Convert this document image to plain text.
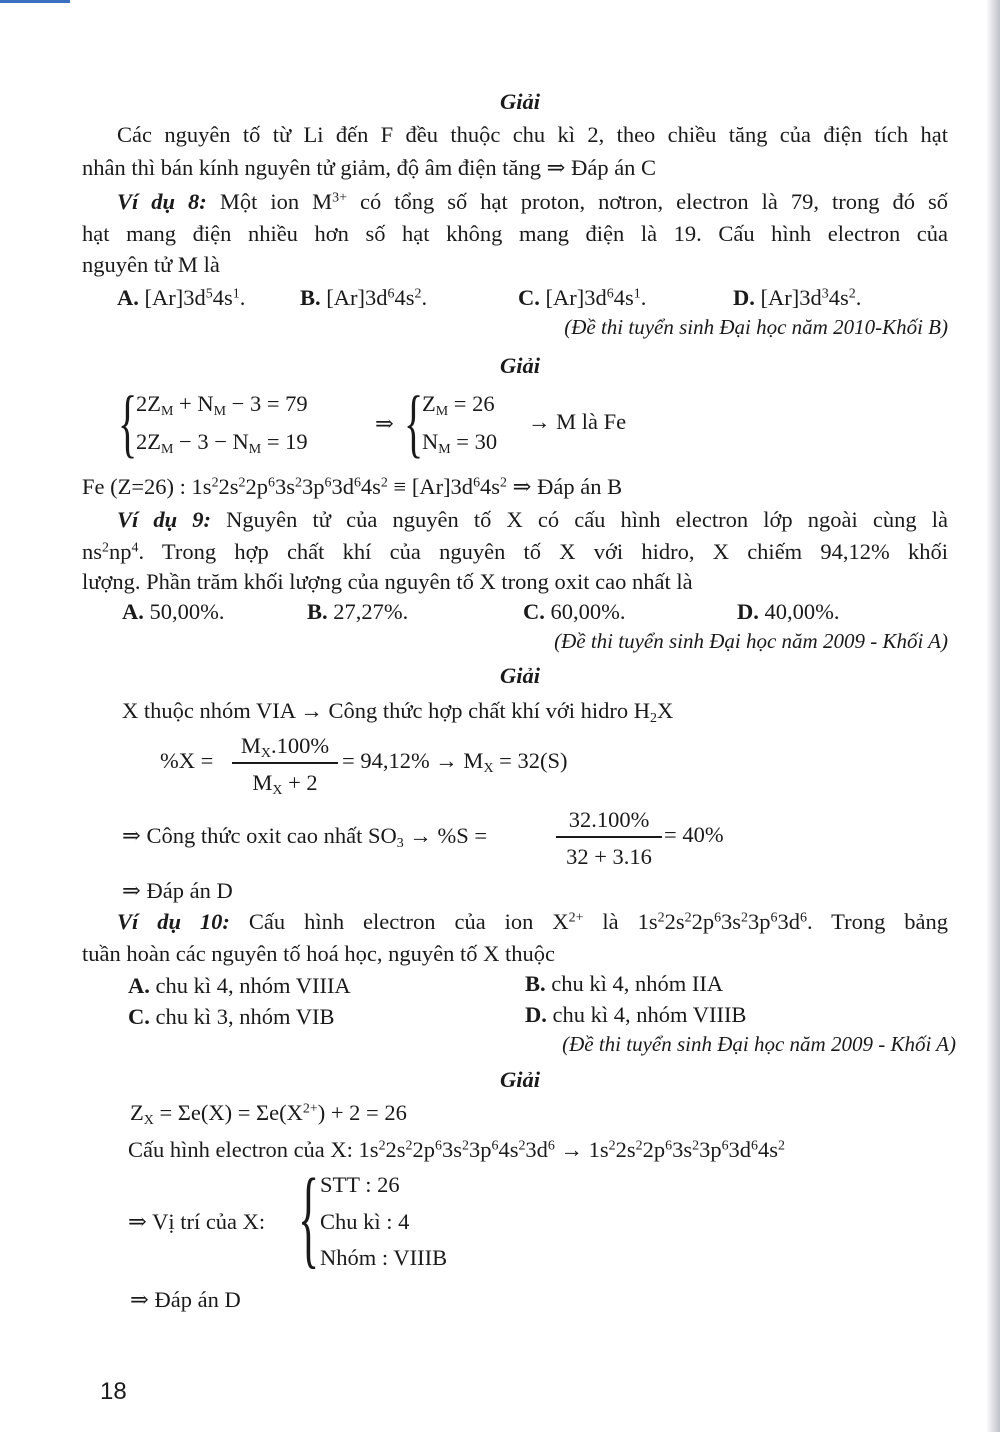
Giải
Các nguyên tố từ Li đến F đều thuộc chu kì 2, theo chiều tăng của điện tích hạt
nhân thì bán kính nguyên tử giảm, độ âm điện tăng ⇒ Đáp án C
Ví dụ 8: Một ion $M^{3+}$ có tổng số hạt proton, nơtron, electron là 79, trong đó số
hạt mang điện nhiều hơn số hạt không mang điện là 19. Cấu hình electron của
nguyên tử M là
A. $[Ar]3d^54s^1$. B. $[Ar]3d^64s^2$.	C. $[Ar]3d^64s^1$.	D. $[Ar]3d^34s^2$.
(Đề thi tuyển sinh Đại học năm 2010-Khối B)
Giải
{
$2Z_M + N_M - 3 = 79$
$2Z_M - 3 - N_M = 19$
⇒ {
$Z_M = 26$
$N_M = 30$
→ M là Fe
Fe (Z=26) : $1s^22s^22p^63s^23p^63d^64s^2 \equiv [Ar]3d^64s^2$ ⇒ Đáp án B
Ví dụ 9: Nguyên tử của nguyên tố X có cấu hình electron lớp ngoài cùng là
$ns^2np^4$. Trong hợp chất khí của nguyên tố X với hidro, X chiếm 94,12% khối
lượng. Phần trăm khối lượng của nguyên tố X trong oxit cao nhất là
A. 50,00%.	B. 27,27%.	C. 60,00%.	D. 40,00%.
(Đề thi tuyển sinh Đại học năm 2009 - Khối A)
Giải
X thuộc nhóm VIA → Công thức hợp chất khí với hidro $H_2X$
%X =
$M_X.100\%$
$M_X + 2$
= $94,12\% \to M_X = 32(S)$
⇒ Công thức oxit cao nhất $SO_3 \to \%S$ =
32.100%
32 + 3.16
= 40%
⇒ Đáp án D
Ví dụ 10: Cấu hình electron của ion $X^{2+}$ là $1s^22s^22p^63s^23p^63d^6$. Trong bảng
tuần hoàn các nguyên tố hoá học, nguyên tố X thuộc
A. chu kì 4, nhóm VIIIA	B. chu kì 4, nhóm IIA
C. chu kì 3, nhóm VIB	D. chu kì 4, nhóm VIIIB
(Đề thi tuyển sinh Đại học năm 2009 - Khối A)
Giải
$Z_X = \Sigma e(X) = \Sigma e(X^{2+}) + 2 = 26$
Cấu hình electron của X: $1s^22s^22p^63s^23p^64s^23d^6 \to 1s^22s^22p^63s^23p^63d^64s^2$
⇒ Vị trí của X: { STT : 26
Chu kì : 4
Nhóm : VIIIB
⇒ Đáp án D
18
